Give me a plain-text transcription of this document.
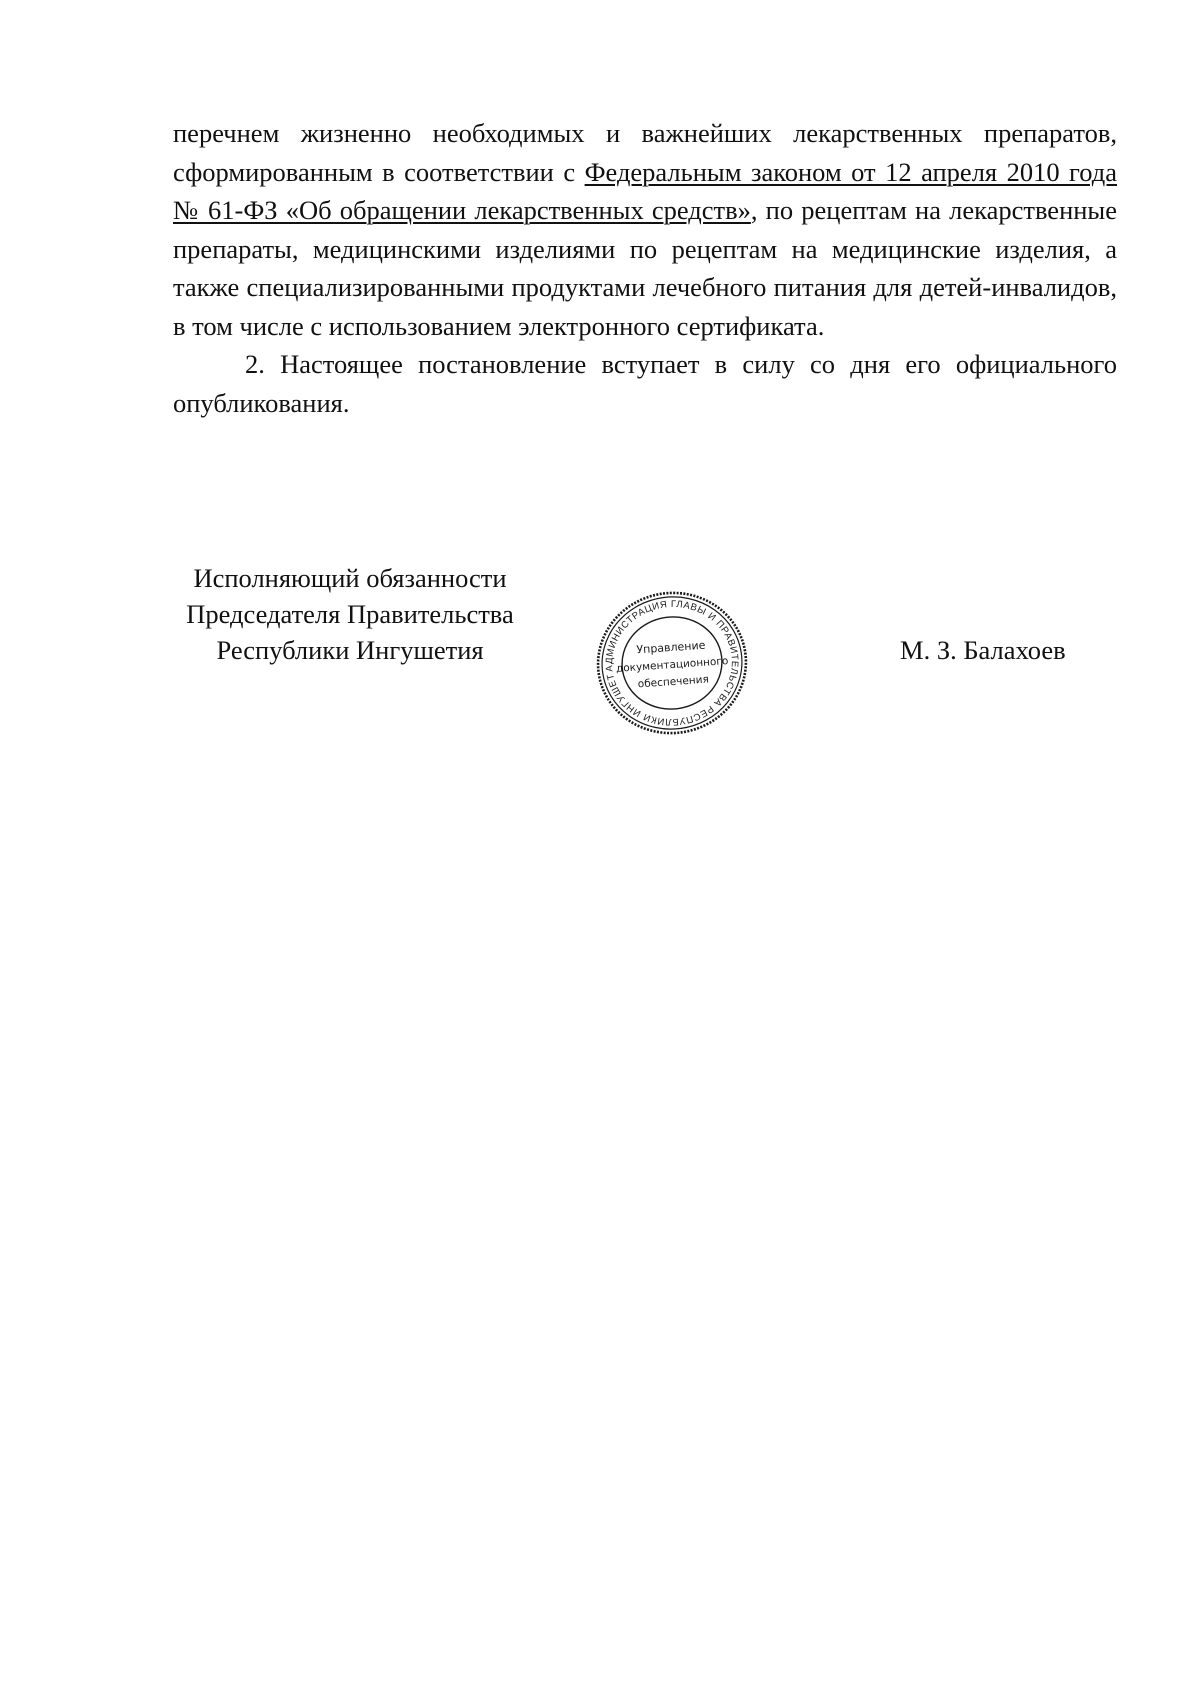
перечнем жизненно необходимых и важнейших лекарственных препаратов, сформированным в соответствии с Федеральным законом от 12 апреля 2010 года № 61-ФЗ «Об обращении лекарственных средств», по рецептам на лекарственные препараты, медицинскими изделиями по рецептам на медицинские изделия, а также специализированными продуктами лечебного питания для детей-инвалидов, в том числе с использованием электронного сертификата.

2. Настоящее постановление вступает в силу со дня его официального опубликования.

Исполняющий обязанности
Председателя Правительства
Республики Ингушетия
АДМИНИСТРАЦИЯ ГЛАВЫ И ПРАВИТЕЛЬСТВА РЕСПУБЛИКИ ИНГУШЕТИЯ
Управление
документационного
обеспечения
М. З. Балахоев
